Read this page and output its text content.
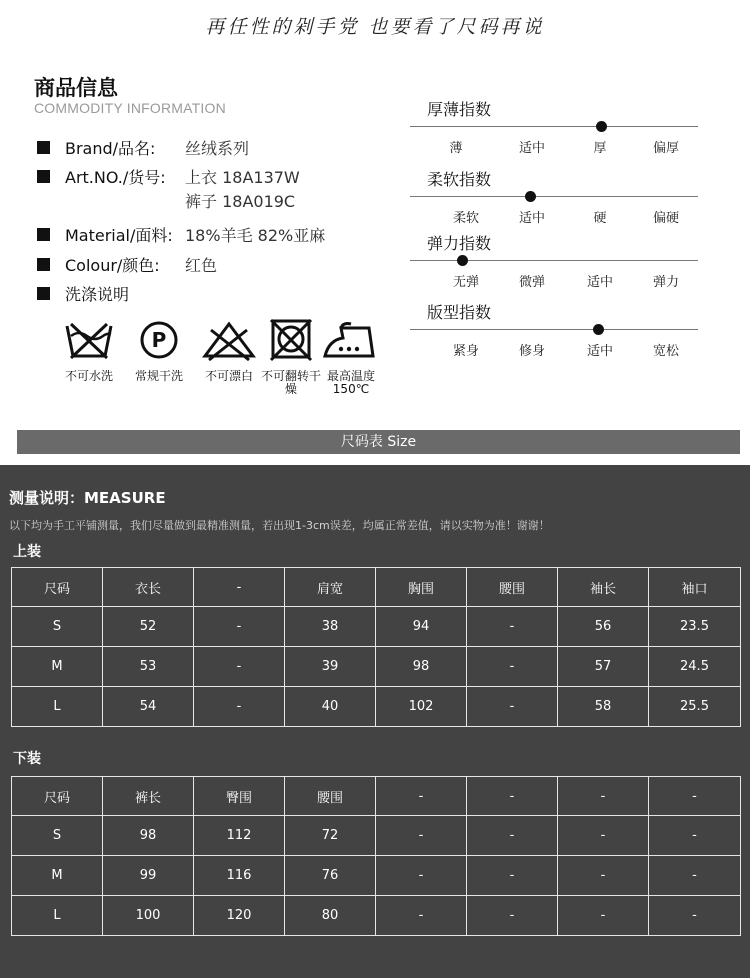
再任性的剁手党 也要看了尺码再说
商品信息
COMMODITY INFORMATION
Brand/品名: 丝绒系列
Art.NO./货号: 上衣 18A137W
裤子 18A019C
Material/面料: 18%羊毛 82%亚麻
Colour/颜色: 红色
洗涤说明
不可水洗
P
常规干洗	不可漂白 不可翻转干燥
最高温度150℃
厚薄指数
薄	适中	厚	偏厚
柔软指数
柔软	适中	硬	偏硬
弹力指数
无弹	微弹	适中	弹力
版型指数
紧身	修身	适中	宽松
尺码表 Size
测量说明：MEASURE
以下均为手工平铺测量，我们尽量做到最精准测量，若出现1-3cm误差，均属正常差值，请以实物为准！谢谢！
上装
尺码	衣长	-	肩宽	胸围	腰围	袖长	袖口
S	52	-	38	94	-	56	23.5
M	53	-	39	98	-	57	24.5
L	54	-	40	102	-	58	25.5
下装
尺码	裤长	臀围	腰围	-	-	-	-
S	98	112	72	-	-	-	-
M	99	116	76	-	-	-	-
L	100	120	80	-	-	-	-
